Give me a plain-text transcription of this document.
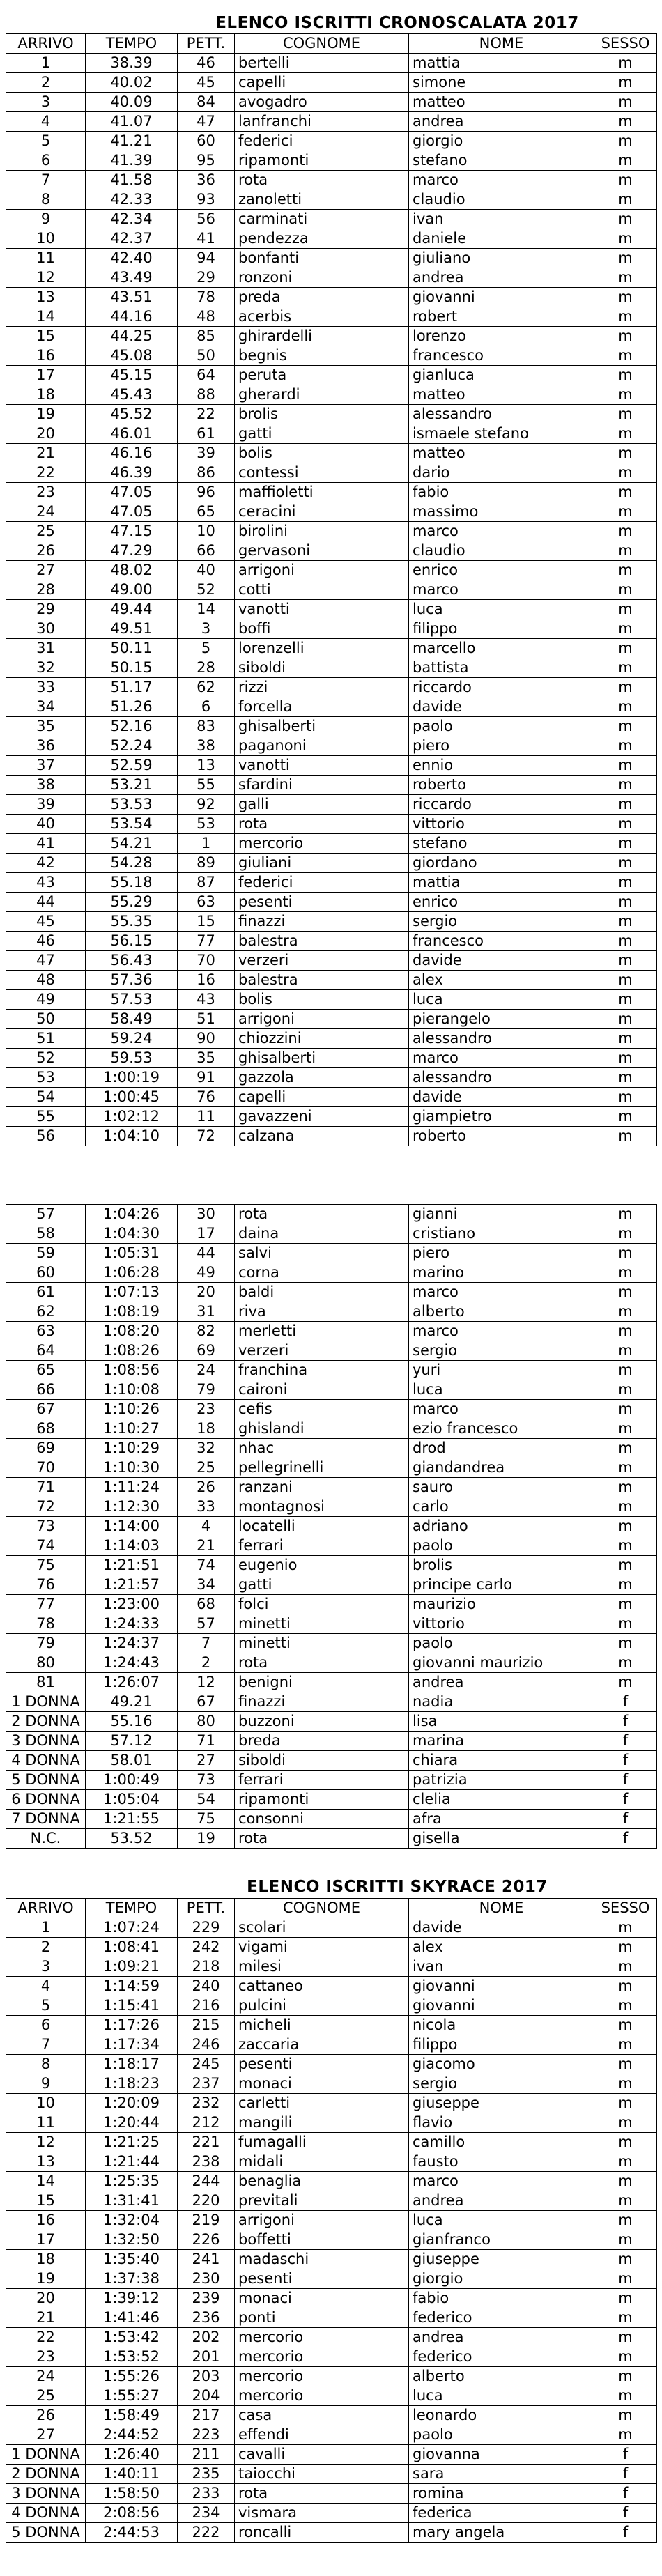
ELENCO ISCRITTI CRONOSCALATA 2017
ARRIVO	TEMPO	PETT.	COGNOME	NOME	SESSO
1	38.39	46	bertelli	mattia	m
2	40.02	45	capelli	simone	m
3	40.09	84	avogadro	matteo	m
4	41.07	47	lanfranchi	andrea	m
5	41.21	60	federici	giorgio	m
6	41.39	95	ripamonti	stefano	m
7	41.58	36	rota	marco	m
8	42.33	93	zanoletti	claudio	m
9	42.34	56	carminati	ivan	m
10	42.37	41	pendezza	daniele	m
11	42.40	94	bonfanti	giuliano	m
12	43.49	29	ronzoni	andrea	m
13	43.51	78	preda	giovanni	m
14	44.16	48	acerbis	robert	m
15	44.25	85	ghirardelli	lorenzo	m
16	45.08	50	begnis	francesco	m
17	45.15	64	peruta	gianluca	m
18	45.43	88	gherardi	matteo	m
19	45.52	22	brolis	alessandro	m
20	46.01	61	gatti	ismaele stefano	m
21	46.16	39	bolis	matteo	m
22	46.39	86	contessi	dario	m
23	47.05	96	maffioletti	fabio	m
24	47.05	65	ceracini	massimo	m
25	47.15	10	birolini	marco	m
26	47.29	66	gervasoni	claudio	m
27	48.02	40	arrigoni	enrico	m
28	49.00	52	cotti	marco	m
29	49.44	14	vanotti	luca	m
30	49.51	3	boffi	filippo	m
31	50.11	5	lorenzelli	marcello	m
32	50.15	28	siboldi	battista	m
33	51.17	62	rizzi	riccardo	m
34	51.26	6	forcella	davide	m
35	52.16	83	ghisalberti	paolo	m
36	52.24	38	paganoni	piero	m
37	52.59	13	vanotti	ennio	m
38	53.21	55	sfardini	roberto	m
39	53.53	92	galli	riccardo	m
40	53.54	53	rota	vittorio	m
41	54.21	1	mercorio	stefano	m
42	54.28	89	giuliani	giordano	m
43	55.18	87	federici	mattia	m
44	55.29	63	pesenti	enrico	m
45	55.35	15	finazzi	sergio	m
46	56.15	77	balestra	francesco	m
47	56.43	70	verzeri	davide	m
48	57.36	16	balestra	alex	m
49	57.53	43	bolis	luca	m
50	58.49	51	arrigoni	pierangelo	m
51	59.24	90	chiozzini	alessandro	m
52	59.53	35	ghisalberti	marco	m
53	1:00:19	91	gazzola	alessandro	m
54	1:00:45	76	capelli	davide	m
55	1:02:12	11	gavazzeni	giampietro	m
56	1:04:10	72	calzana	roberto	m
57	1:04:26	30	rota	gianni	m
58	1:04:30	17	daina	cristiano	m
59	1:05:31	44	salvi	piero	m
60	1:06:28	49	corna	marino	m
61	1:07:13	20	baldi	marco	m
62	1:08:19	31	riva	alberto	m
63	1:08:20	82	merletti	marco	m
64	1:08:26	69	verzeri	sergio	m
65	1:08:56	24	franchina	yuri	m
66	1:10:08	79	caironi	luca	m
67	1:10:26	23	cefis	marco	m
68	1:10:27	18	ghislandi	ezio francesco	m
69	1:10:29	32	nhac	drod	m
70	1:10:30	25	pellegrinelli	giandandrea	m
71	1:11:24	26	ranzani	sauro	m
72	1:12:30	33	montagnosi	carlo	m
73	1:14:00	4	locatelli	adriano	m
74	1:14:03	21	ferrari	paolo	m
75	1:21:51	74	eugenio	brolis	m
76	1:21:57	34	gatti	principe carlo	m
77	1:23:00	68	folci	maurizio	m
78	1:24:33	57	minetti	vittorio	m
79	1:24:37	7	minetti	paolo	m
80	1:24:43	2	rota	giovanni maurizio	m
81	1:26:07	12	benigni	andrea	m
1 DONNA	49.21	67	finazzi	nadia	f
2 DONNA	55.16	80	buzzoni	lisa	f
3 DONNA	57.12	71	breda	marina	f
4 DONNA	58.01	27	siboldi	chiara	f
5 DONNA	1:00:49	73	ferrari	patrizia	f
6 DONNA	1:05:04	54	ripamonti	clelia	f
7 DONNA	1:21:55	75	consonni	afra	f
N.C.	53.52	19	rota	gisella	f
ELENCO ISCRITTI SKYRACE 2017
ARRIVO	TEMPO	PETT.	COGNOME	NOME	SESSO
1	1:07:24	229	scolari	davide	m
2	1:08:41	242	vigami	alex	m
3	1:09:21	218	milesi	ivan	m
4	1:14:59	240	cattaneo	giovanni	m
5	1:15:41	216	pulcini	giovanni	m
6	1:17:26	215	micheli	nicola	m
7	1:17:34	246	zaccaria	filippo	m
8	1:18:17	245	pesenti	giacomo	m
9	1:18:23	237	monaci	sergio	m
10	1:20:09	232	carletti	giuseppe	m
11	1:20:44	212	mangili	flavio	m
12	1:21:25	221	fumagalli	camillo	m
13	1:21:44	238	midali	fausto	m
14	1:25:35	244	benaglia	marco	m
15	1:31:41	220	previtali	andrea	m
16	1:32:04	219	arrigoni	luca	m
17	1:32:50	226	boffetti	gianfranco	m
18	1:35:40	241	madaschi	giuseppe	m
19	1:37:38	230	pesenti	giorgio	m
20	1:39:12	239	monaci	fabio	m
21	1:41:46	236	ponti	federico	m
22	1:53:42	202	mercorio	andrea	m
23	1:53:52	201	mercorio	federico	m
24	1:55:26	203	mercorio	alberto	m
25	1:55:27	204	mercorio	luca	m
26	1:58:49	217	casa	leonardo	m
27	2:44:52	223	effendi	paolo	m
1 DONNA	1:26:40	211	cavalli	giovanna	f
2 DONNA	1:40:11	235	taiocchi	sara	f
3 DONNA	1:58:50	233	rota	romina	f
4 DONNA	2:08:56	234	vismara	federica	f
5 DONNA	2:44:53	222	roncalli	mary angela	f
